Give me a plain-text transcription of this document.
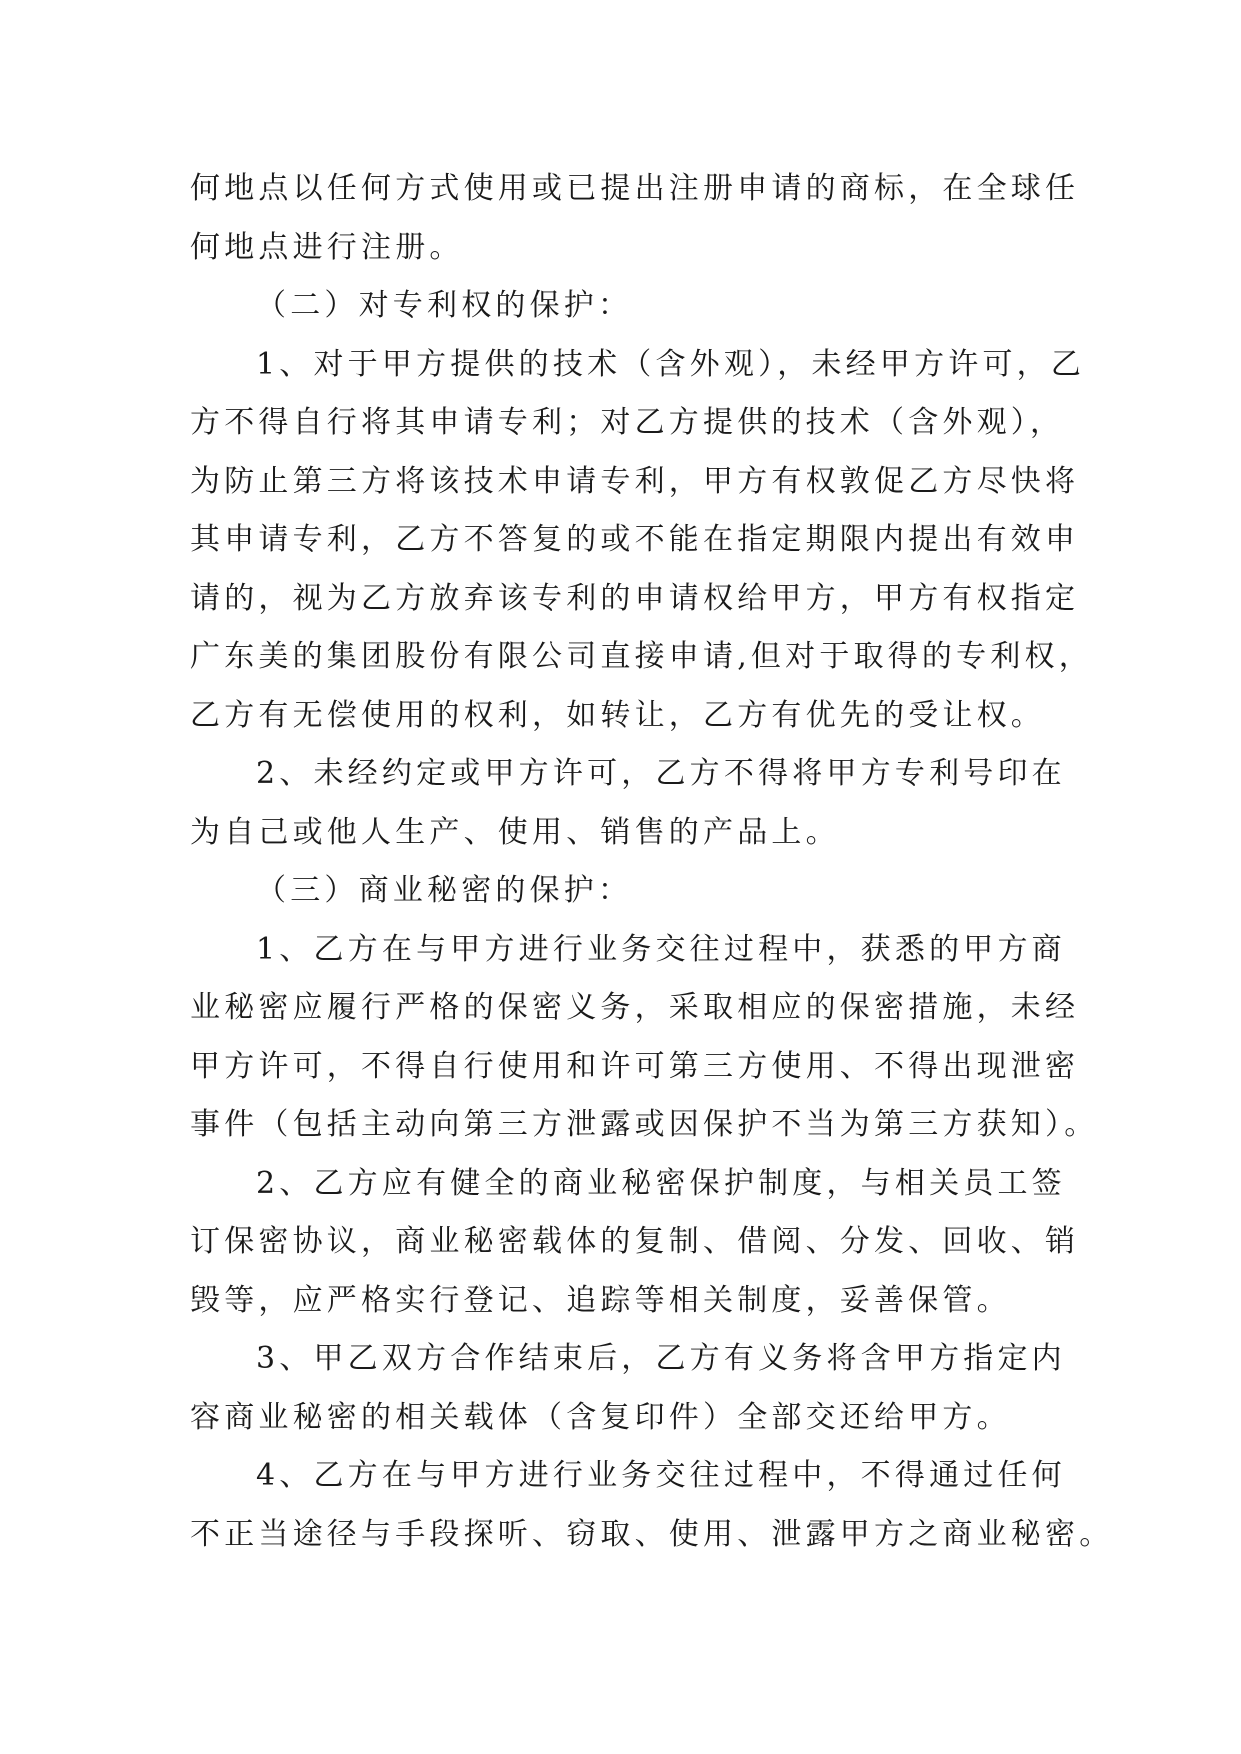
何地点以任何方式使用或已提出注册申请的商标，在全球任
何地点进行注册。
（二）对专利权的保护：
1、对于甲方提供的技术（含外观），未经甲方许可，乙
方不得自行将其申请专利；对乙方提供的技术（含外观），
为防止第三方将该技术申请专利，甲方有权敦促乙方尽快将
其申请专利，乙方不答复的或不能在指定期限内提出有效申
请的，视为乙方放弃该专利的申请权给甲方，甲方有权指定
广东美的集团股份有限公司直接申请,但对于取得的专利权，
乙方有无偿使用的权利，如转让，乙方有优先的受让权。
2、未经约定或甲方许可，乙方不得将甲方专利号印在
为自己或他人生产、使用、销售的产品上。
（三）商业秘密的保护：
1、乙方在与甲方进行业务交往过程中，获悉的甲方商
业秘密应履行严格的保密义务，采取相应的保密措施，未经
甲方许可，不得自行使用和许可第三方使用、不得出现泄密
事件（包括主动向第三方泄露或因保护不当为第三方获知）。
2、乙方应有健全的商业秘密保护制度，与相关员工签
订保密协议，商业秘密载体的复制、借阅、分发、回收、销
毁等，应严格实行登记、追踪等相关制度，妥善保管。
3、甲乙双方合作结束后，乙方有义务将含甲方指定内
容商业秘密的相关载体（含复印件）全部交还给甲方。
4、乙方在与甲方进行业务交往过程中，不得通过任何
不正当途径与手段探听、窃取、使用、泄露甲方之商业秘密。
